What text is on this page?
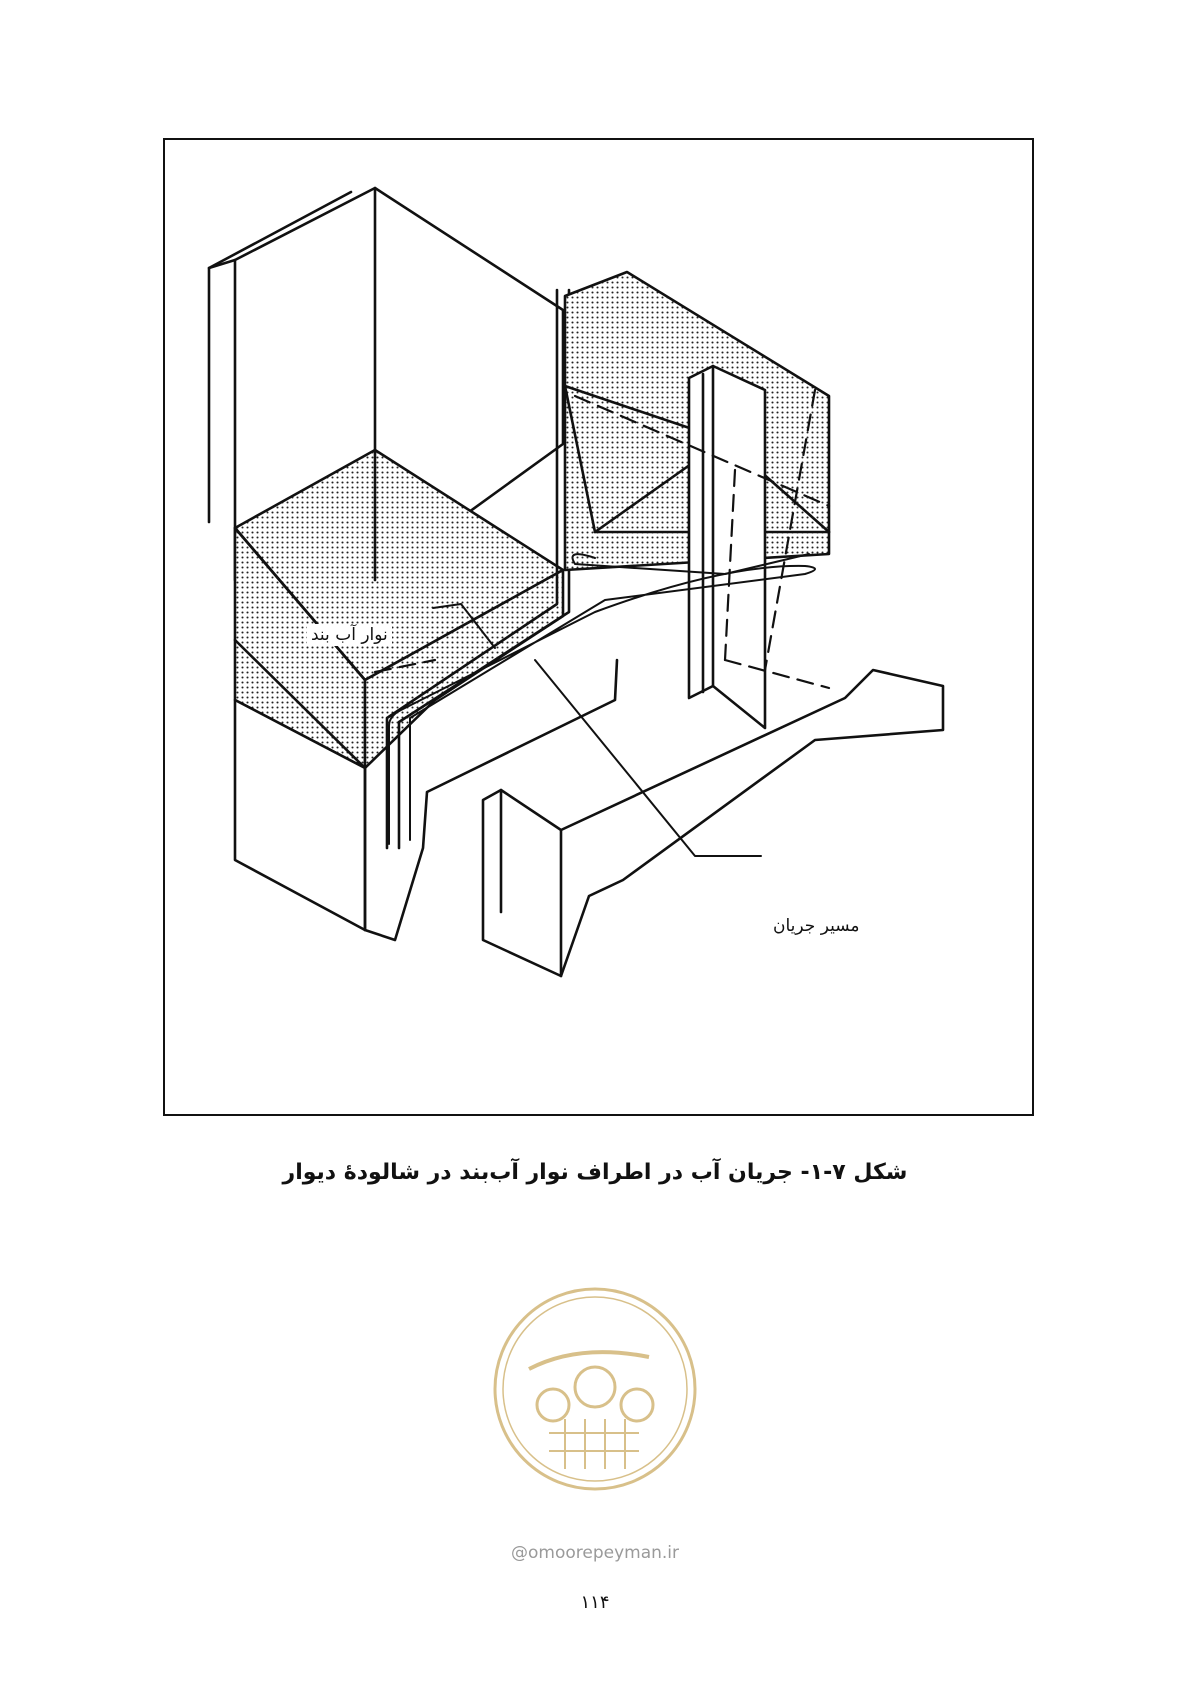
نوار آب بند
مسیر جریان
شکل ۷-۱- جریان آب در اطراف نوار آب‌بند در شالودهٔ دیوار
@omoorepeyman.ir
۱۱۴
